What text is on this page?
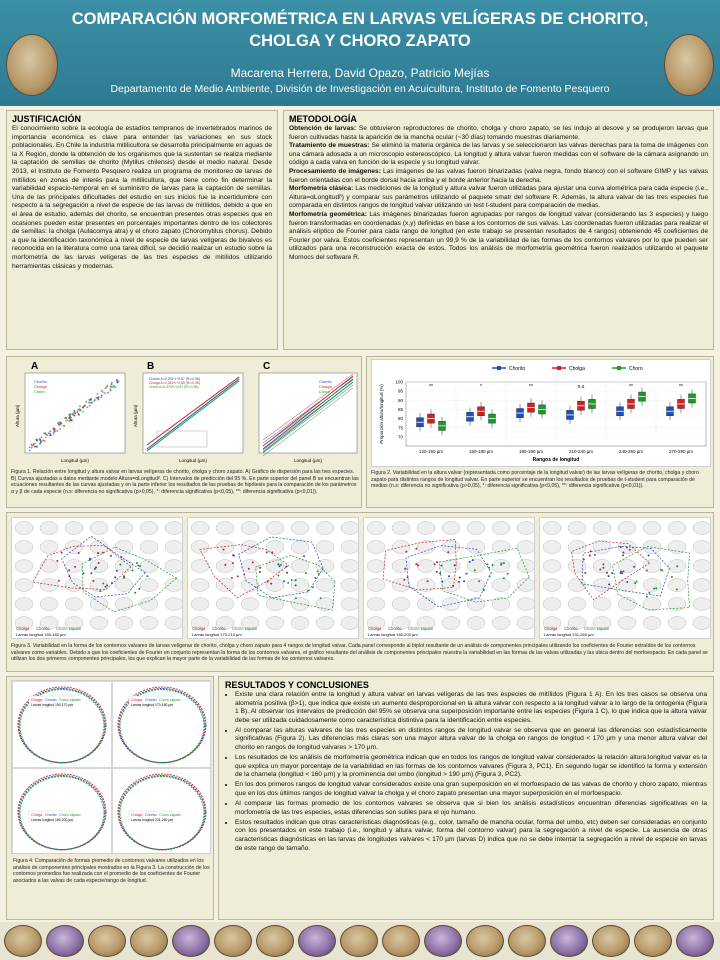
COMPARACIÓN MORFOMÉTRICA EN LARVAS VELÍGERAS DE CHORITO, CHOLGA Y CHORO ZAPATO
Macarena Herrera, David Opazo, Patricio Mejías
Departamento de Medio Ambiente, División de Investigación en Acuicultura, Instituto de Fomento Pesquero
JUSTIFICACIÓN
El conocimiento sobre la ecología de estadíos tempranos de invertebrados marinos de importancia económica es clave para entender las variaciones en sus stock poblacionales. En Chile la industria mitilicultora se desarrolla principalmente en aguas de la X Región, donde la obtención de los organismos que la sustentan se realiza mediante la captación de semillas de chorito (Mytilus chilensis) desde el medio natural. Desde 2013, el Instituto de Fomento Pesquero realiza un programa de monitoreo de larvas de mitílidos en zonas de interés para la mitilicultura, que tiene como fin determinar la variabilidad espacio-temporal en el suministro de larvas para la captación de semillas. Una de las principales dificultades del estudio en sus inicios fue la incertidumbre con respecto a la segregación a nivel de especie de las larvas de mitílidos, debido a que en el área de estudio, además del chorito, se encuentran presentes otras especies que en ocasiones pueden estar presentes en porcentajes importantes dentro de los colectores de semillas: la cholga (Aulacomya atra) y el choro zapato (Choromytilus chorus). Debido a que la identificación taxonómica a nivel de especie de larvas velígeras de bivalvos es reconocida en la literatura como una tarea difícil, se decidió realizar un estudio sobre la morfometría de las larvas velígeras de las tres especies de mitílidos utilizando herramientas clásicas y modernas.
METODOLOGÍA

Obtención de larvas: Se obtuvieron reproductores de chorito, cholga y choro zapato, se les indujo al desove y se produjeron larvas que fueron cultivadas hasta la aparición de la mancha ocular (~30 días) tomando muestras diariamente.

Tratamiento de muestras: Se eliminó la materia orgánica de las larvas y se seleccionaron las valvas derechas para la toma de imágenes con una cámara adosada a un microscopio estereoscópico. La longitud y altura valvar fueron medidas con el software de la cámara asignando un código a cada valva en función de la especie y su longitud valvar.

Procesamiento de imágenes: Las imágenes de las valvas fueron binarizadas (valva negra, fondo blanco) con el software GIMP y las valvas fueron orientadas con el borde dorsal hacia arriba y el borde anterior hacia la derecha.

Morfometría clásica: Las mediciones de la longitud y altura valvar fueron utilizadas para ajustar una curva alométrica para cada especie (i.e., Altura=αLongitudᵝ) y comparar sus parámetros utilizando el paquete smatr del software R. Además, la altura valvar de las tres especies fue comparada en distintos rangos de longitud valvar utilizando un test t-student para comparación de medias.

Morfometría geométrica: Las imágenes binarizadas fueron agrupadas por rangos de longitud valvar (considerando las 3 especies) y luego fueron transformadas en coordenadas (x,y) definidas en base a los contornos de sus valvas. Las coordenadas fueron utilizadas para realizar el análisis elíptico de Fourier para cada rango de longitud (en este trabajo se presentan resultados de 4 rangos) obteniendo 45 coeficientes de Fourier por valva. Estos coeficientes representan un 99,9 % de la variabilidad de las formas de los contornos valvares por lo que pueden ser utilizados para una reconstrucción exacta de estos. Todos los análisis de morfometría geométrica fueron realizados utilizando el paquete Momocs del software R.

A
Chorito
Cholga
Choro
Longitud (µm)
Altura (µm)
B
Chorito A=0,391*L^0,87 (R²=0,96)
Cholga A=0,331*L^0,89 (R²=0,95)
Choro A=0,370*L^0,87 (R²=0,96)
Longitud (µm)
Altura (µm)
C
Chorito
Cholga
Choro
Longitud (µm)
Figura 1. Relación entre longitud y altura valvar en larvas velígeras de chorito, cholga y choro zapato. A) Gráfico de dispersión para las tres especies. B) Curvas ajustadas a datos mediante modelo Altura=αLongitudᵝ. C) Intervalos de predicción del 95 %. En parte superior del panel B se encuentran las ecuaciones resultantes de las curvas ajustadas y en la parte inferior los resultados de las pruebas de hipótesis para la comparación de los parámetros α y β de cada especie (n.s: diferencia no significativa (p>0,05), *: diferencia significativa (p<0,05), **: diferencia significativa (p<0,01)).
Chorito	Cholga	Choro
70
75
80
85
90
95
100
Proporción altura/longitud (%)
120-150 µm
**
150-180 µm
*
180-190 µm
**
210-240 µm
n.s
240-250 µm
**
270-290 µm
**
Rangos de longitud
Figura 2. Variabilidad en la altura valvar (representada como porcentaje de la longitud valvar) de las larvas velígeras de chorito, cholga y choro zapato para distintos rangos de longitud valvar. En parte superior se encuentran los resultados de pruebas de t-student para comparación de medias (n.s: diferencia no significativa (p>0,05), *: diferencia significativa (p<0,05), **: diferencia significativa (p<0,01)).
Cholga Chorito Choro zapato
Larvas longitud 150-180 µm
Cholga Chorito Choro zapato
Larvas longitud 170-210 µm
Cholga Chorito Choro zapato
Larvas longitud 180-200 µm
Cholga Chorito Choro zapato
Larvas longitud 231-260 µm
Figura 3. Variabilidad en la forma de los contornos valvares de larvas velígeras de chorito, cholga y choro zapato para 4 rangos de longitud valvar. Cada panel corresponde al biplot resultante de un análisis de componentes principales utilizando los coeficientes de Fourier extraídos de los contornos valvares como variables. Debido a que los coeficientes de Fourier en conjunto representan la forma de los contornos valvares, el gráfico resultante del análisis de componentes principales muestra la variabilidad en las formas de las valvas utilizadas y las ubica dentro del morfoespacio. En cada panel se utilizan los dos primeros componentes principales, los que explican la mayor parte de la variabilidad de las formas de los contornos valvares.
Cholga Chorito Choro zapato
Larvas longitud 150-170 µm
Cholga Chorito Choro zapato
Larvas longitud 170-180 µm
Cholga Chorito Choro zapato
Larvas longitud 180-200 µm
Cholga Chorito Choro zapato
Larvas longitud 231-260 µm
Figura 4. Comparación de formas promedio de contornos valvares utilizados en los análisis de componentes principales mostrados en la Figura 3. La construcción de los contornos promedios fue realizada con el promedio de los coeficientes de Fourier asociados a las valvas de cada especie/rango de longitud.
RESULTADOS Y CONCLUSIONES
• Existe una clara relación entre la longitud y altura valvar en larvas velígeras de las tres especies de mitílidos (Figura 1 A). En los tres casos se observa una alometría positiva (β>1), que indica que existe un aumento desproporcional en la altura valvar con respecto a la longitud valvar a lo largo de la ontogenia (Figura 1 B). Al observar los intervalos de predicción del 95% se observa una superposición importante entre las especies (Figura 1 C), lo que indica que la altura valvar debe ser utilizada cuidadosamente como característica distintiva para la identificación entre especies.
• Al comparar las alturas valvares de las tres especies en distintos rangos de longitud valvar se observa que en general las diferencias son estadísticamente significativas (Figura 2). Las diferencias más claras son una mayor altura valvar de la cholga en rangos de longitud < 170 µm y una menor altura valvar del chorito en rangos de longitud valvares > 170 µm.
• Los resultados de los análisis de morfometría geométrica indican que en todos los rangos de longitud valvar considerados la relación altura:longitud valvar es la que explica un mayor porcentaje de la variabilidad en las formas de los contornos valvares (Figura 3, PC1). En segundo lugar se identificó la forma y extensión de la charnela (longitud < 160 µm) y la prominencia del umbo (longitud > 190 µm) (Figura 3, PC2).
• En los dos primeros rangos de longitud valvar considerados existe una gran superposición en el morfoespacio de las valvas de chorito y choro zapato, mientras que en los dos últimos rangos de longitud valvar la cholga y el choro zapato presentan una mayor superposición en el morfoespacio.
• Al comparar las formas promedio de los contornos valvares se observa que si bien los análisis estadísticos encuentran diferencias significativas en la morfometría de las tres especies, estas diferencias son sutiles para el ojo humano.
• Estos resultados indican que otras características diagnósticas (e.g., color, tamaño de mancha ocular, forma del umbo, etc) deben ser consideradas en conjunto con los presentados en este trabajo (i.e., longitud y altura valvar, forma del contorno valvar) para la segregación a nivel de especie. La ausencia de otras características diagnósticas en las larvas de longitudes valvares < 170 µm (larvas D) indica que no se debe intentar la segregación a nivel de especie en larvas de este rango de tamaño.
